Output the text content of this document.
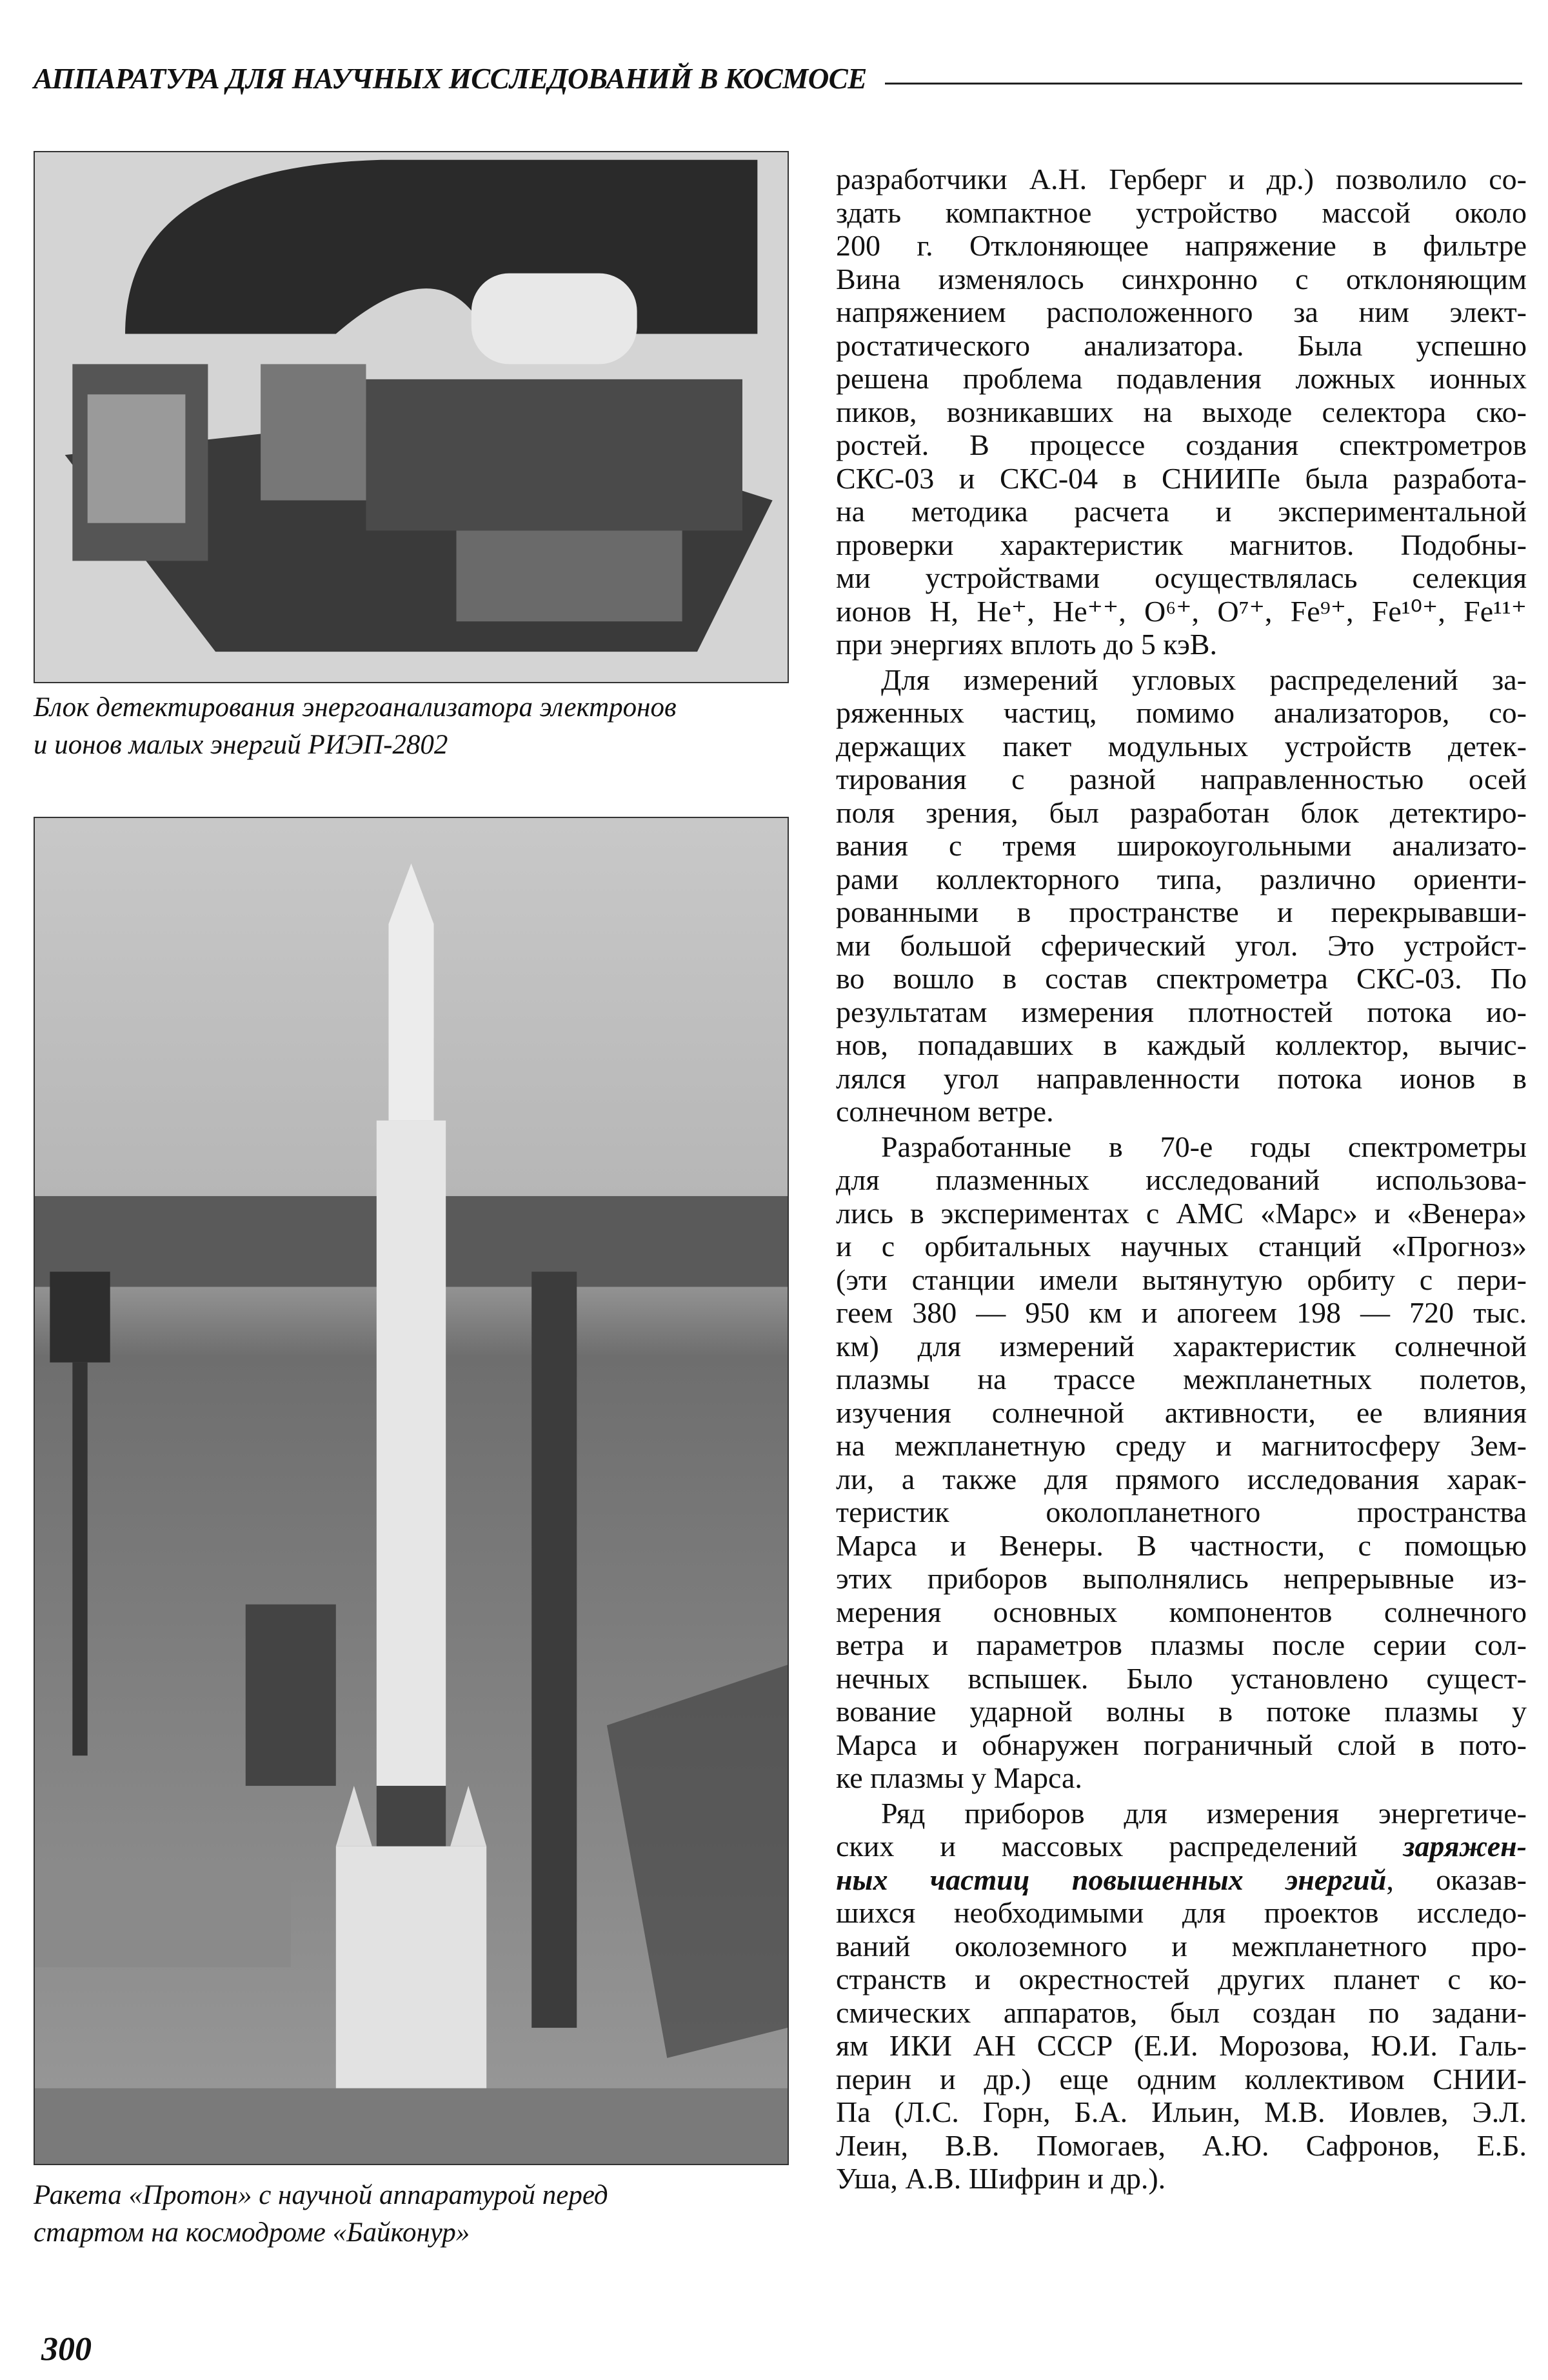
АППАРАТУРА ДЛЯ НАУЧНЫХ ИССЛЕДОВАНИЙ В КОСМОСЕ
Блок детектирования энергоанализатора электронов
и ионов малых энергий РИЭП-2802
Ракета «Протон» с научной аппаратурой перед
стартом на космодроме «Байконур»
300
разработчики А.Н. Герберг и др.) позволило со-
здать компактное устройство массой около
200 г. Отклоняющее напряжение в фильтре
Вина изменялось синхронно с отклоняющим
напряжением расположенного за ним элект-
ростатического анализатора. Была успешно
решена проблема подавления ложных ионных
пиков, возникавших на выходе селектора ско-
ростей. В процессе создания спектрометров
СКС-03 и СКС-04 в СНИИПе была разработа-
на методика расчета и экспериментальной
проверки характеристик магнитов. Подобны-
ми устройствами осуществлялась селекция
ионов H, He⁺, He⁺⁺, O⁶⁺, O⁷⁺, Fe⁹⁺, Fe¹⁰⁺, Fe¹¹⁺
при энергиях вплоть до 5 кэВ.
Для измерений угловых распределений за-
ряженных частиц, помимо анализаторов, со-
держащих пакет модульных устройств детек-
тирования с разной направленностью осей
поля зрения, был разработан блок детектиро-
вания с тремя широкоугольными анализато-
рами коллекторного типа, различно ориенти-
рованными в пространстве и перекрывавши-
ми большой сферический угол. Это устройст-
во вошло в состав спектрометра СКС-03. По
результатам измерения плотностей потока ио-
нов, попадавших в каждый коллектор, вычис-
лялся угол направленности потока ионов в
солнечном ветре.
Разработанные в 70-е годы спектрометры
для плазменных исследований использова-
лись в экспериментах с АМС «Марс» и «Венера»
и с орбитальных научных станций «Прогноз»
(эти станции имели вытянутую орбиту с пери-
геем 380 — 950 км и апогеем 198 — 720 тыс.
км) для измерений характеристик солнечной
плазмы на трассе межпланетных полетов,
изучения солнечной активности, ее влияния
на межпланетную среду и магнитосферу Зем-
ли, а также для прямого исследования харак-
теристик околопланетного пространства
Марса и Венеры. В частности, с помощью
этих приборов выполнялись непрерывные из-
мерения основных компонентов солнечного
ветра и параметров плазмы после серии сол-
нечных вспышек. Было установлено сущест-
вование ударной волны в потоке плазмы у
Марса и обнаружен пограничный слой в пото-
ке плазмы у Марса.
Ряд приборов для измерения энергетиче-
ских и массовых распределений заряжен-
ных частиц повышенных энергий, оказав-
шихся необходимыми для проектов исследо-
ваний околоземного и межпланетного про-
странств и окрестностей других планет с ко-
смических аппаратов, был создан по задани-
ям ИКИ АН СССР (Е.И. Морозова, Ю.И. Галь-
перин и др.) еще одним коллективом СНИИ-
Па (Л.С. Горн, Б.А. Ильин, М.В. Иовлев, Э.Л.
Леин, В.В. Помогаев, А.Ю. Сафронов, Е.Б.
Уша, А.В. Шифрин и др.).
